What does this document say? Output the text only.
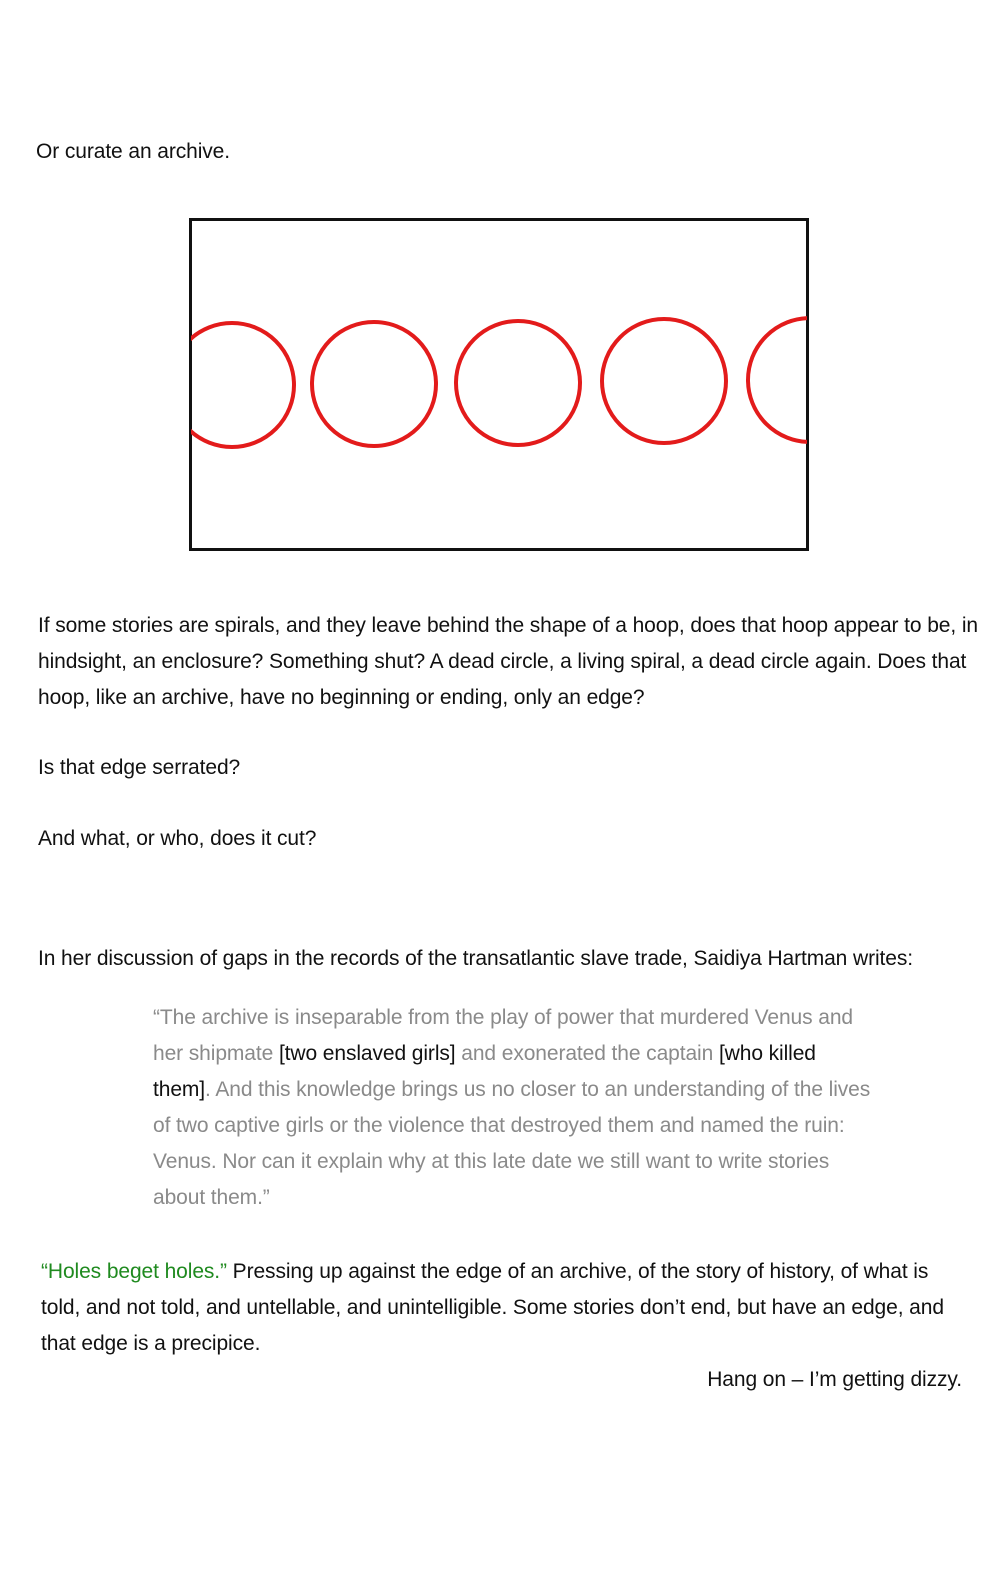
Or curate an archive.

If some stories are spirals, and they leave behind the shape of a hoop, does that hoop appear to be, in hindsight, an enclosure? Something shut? A dead circle, a living spiral, a dead circle again. Does that hoop, like an archive, have no beginning or ending, only an edge?

Is that edge serrated?

And what, or who, does it cut?

In her discussion of gaps in the records of the transatlantic slave trade, Saidiya Hartman writes:

“The archive is inseparable from the play of power that murdered Venus and her shipmate [two enslaved girls] and exonerated the captain [who killed them]. And this knowledge brings us no closer to an understanding of the lives of two captive girls or the violence that destroyed them and named the ruin: Venus. Nor can it explain why at this late date we still want to write stories about them.”

“Holes beget holes.” Pressing up against the edge of an archive, of the story of history, of what is told, and not told, and untellable, and unintelligible. Some stories don’t end, but have an edge, and that edge is a precipice.

Hang on – I’m getting dizzy.
